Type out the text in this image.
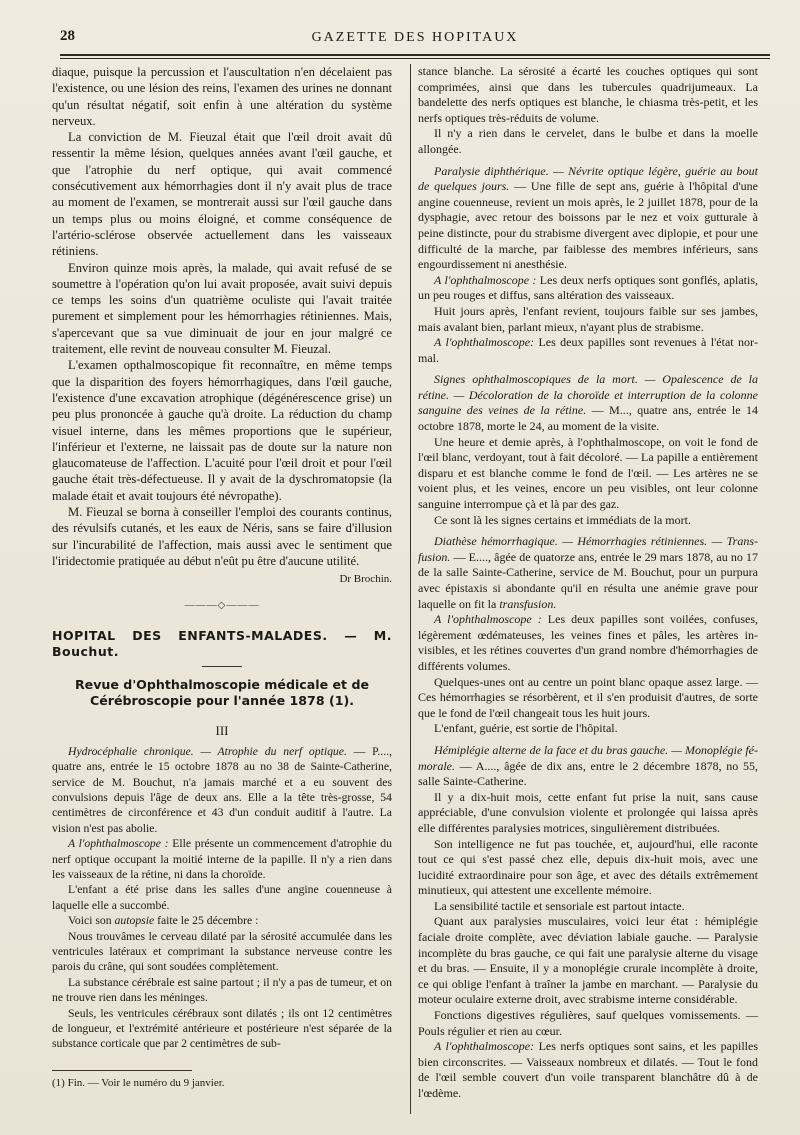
28	GAZETTE DES HOPITAUX

diaque, puisque la percussion et l'auscultation n'en décelaient pas l'existence, ou une lésion des reins, l'examen des urines ne donnant qu'un résultat négatif, soit enfin à une altération du système nerveux.

La conviction de M. Fieuzal était que l'œil droit avait dû ressentir la même lésion, quelques années avant l'œil gauche, et que l'atrophie du nerf optique, qui avait commencé consécutivement aux hémorrhagies dont il n'y avait plus de trace au moment de l'examen, se montrerait aussi sur l'œil gauche dans un temps plus ou moins éloigné, et comme conséquence de l'artério-sclérose observée actuellement dans les vaisseaux rétiniens.

Environ quinze mois après, la malade, qui avait refusé de se soumettre à l'opération qu'on lui avait proposée, avait suivi depuis ce temps les soins d'un quatrième oculiste qui l'avait traitée purement et simplement pour les hémorrhagies rétiniennes. Mais, s'apercevant que sa vue diminuait de jour en jour malgré ce traitement, elle revint de nouveau consulter M. Fieuzal.

L'examen opthalmoscopique fit reconnaître, en même temps que la disparition des foyers hémorrhagiques, dans l'œil gauche, l'existence d'une excavation atrophique (dégénérescence grise) un peu plus prononcée à gauche qu'à droite. La réduction du champ visuel interne, dans les mêmes proportions que le supérieur, l'inférieur et l'externe, ne laissait pas de doute sur la nature non glaucomateuse de l'affection. L'acuité pour l'œil droit et pour l'œil gauche était très-défectueuse. Il y avait de la dyschromatopsie (la malade était et avait toujours été névropathe).

M. Fieuzal se borna à conseiller l'emploi des courants continus, des révulsifs cutanés, et les eaux de Néris, sans se faire d'illusion sur l'incurabilité de l'affection, mais aussi avec le sentiment que l'iridectomie pratiquée au début n'eût pu être d'aucune utilité.

Dr Brochin.
———◇———

HOPITAL DES ENFANTS-MALADES. — M. Bouchut.

Revue d'Ophthalmoscopie médicale et de Cérébroscopie pour l'année 1878 (1).

III

Hydrocéphalie chronique. — Atrophie du nerf optique. — P...., quatre ans, entrée le 15 octobre 1878 au no 38 de Sainte-Catherine, service de M. Bouchut, n'a jamais marché et a eu souvent des convulsions depuis l'âge de deux ans. Elle a la tête très-grosse, 54 centimètres de circonférence et 43 d'un conduit auditif à l'autre. La vision n'est pas abolie.

A l'ophthalmoscope : Elle présente un commencement d'atrophie du nerf optique occupant la moitié interne de la papille. Il n'y a rien dans les vaisseaux de la rétine, ni dans la choroïde.

L'enfant a été prise dans les salles d'une angine couenneuse à laquelle elle a succombé.

Voici son autopsie faite le 25 décembre :

Nous trouvâmes le cerveau dilaté par la sérosité accumulée dans les ventricules latéraux et comprimant la substance nerveuse contre les parois du crâne, qui sont soudées complètement.

La substance cérébrale est saine partout ; il n'y a pas de tumeur, et on ne trouve rien dans les méninges.

Seuls, les ventricules cérébraux sont dilatés ; ils ont 12 centimètres de longueur, et l'extrémité antérieure et postérieure n'est séparée de la substance corticale que par 2 centimètres de sub-

(1) Fin. — Voir le numéro du 9 janvier.

stance blanche. La sérosité a écarté les couches optiques qui sont comprimées, ainsi que dans les tubercules quadrijumeaux. La bandelette des nerfs optiques est blanche, le chiasma très-petit, et les nerfs optiques très-réduits de volume.

Il n'y a rien dans le cervelet, dans le bulbe et dans la moelle allongée.

Paralysie diphthérique. — Névrite optique légère, guérie au bout de quelques jours. — Une fille de sept ans, guérie à l'hôpital d'une angine couenneuse, revient un mois après, le 2 juillet 1878, pour de la dysphagie, avec retour des boissons par le nez et voix gutturale à peine distincte, pour du strabisme divergent avec diplopie, et pour une difficulté de la marche, par faiblesse des membres inférieurs, sans engourdissement ni anesthésie.

A l'ophthalmoscope : Les deux nerfs optiques sont gonflés, aplatis, un peu rouges et diffus, sans altération des vaisseaux.

Huit jours après, l'enfant revient, toujours faible sur ses jambes, mais avalant bien, parlant mieux, n'ayant plus de strabisme.

A l'ophthalmoscope: Les deux papilles sont revenues à l'état normal.

Signes ophthalmoscopiques de la mort. — Opalescence de la rétine. — Décoloration de la choroïde et interruption de la colonne sanguine des veines de la rétine. — M..., quatre ans, entrée le 14 octobre 1878, morte le 24, au moment de la visite.

Une heure et demie après, à l'ophthalmoscope, on voit le fond de l'œil blanc, verdoyant, tout à fait décoloré. — La papille a entièrement disparu et est blanche comme le fond de l'œil. — Les artères ne se voient plus, et les veines, encore un peu visibles, ont leur colonne sanguine interrompue çà et là par des gaz.

Ce sont là les signes certains et immédiats de la mort.

Diathèse hémorrhagique. — Hémorrhagies rétiniennes. — Transfusion. — E...., âgée de quatorze ans, entrée le 29 mars 1878, au no 17 de la salle Sainte-Catherine, service de M. Bouchut, pour un purpura avec épistaxis si abondante qu'il en résulta une anémie grave pour laquelle on fit la transfusion.

A l'ophthalmoscope : Les deux papilles sont voilées, confuses, légèrement œdémateuses, les veines fines et pâles, les artères invisibles, et les rétines couvertes d'un grand nombre d'hémorrhagies de différents volumes.

Quelques-unes ont au centre un point blanc opaque assez large. — Ces hémorrhagies se résorbèrent, et il s'en produisit d'autres, de sorte que le fond de l'œil changeait tous les huit jours.

L'enfant, guérie, est sortie de l'hôpital.

Hémiplégie alterne de la face et du bras gauche. — Monoplégie fémorale. — A...., âgée de dix ans, entre le 2 décembre 1878, no 55, salle Sainte-Catherine.

Il y a dix-huit mois, cette enfant fut prise la nuit, sans cause appréciable, d'une convulsion violente et prolongée qui laissa après elle différentes paralysies motrices, singulièrement distribuées.

Son intelligence ne fut pas touchée, et, aujourd'hui, elle raconte tout ce qui s'est passé chez elle, depuis dix-huit mois, avec une lucidité extraordinaire pour son âge, et avec des détails extrêmement minutieux, qui attestent une excellente mémoire.

La sensibilité tactile et sensoriale est partout intacte.

Quant aux paralysies musculaires, voici leur état : hémiplégie faciale droite complète, avec déviation labiale gauche. — Paralysie incomplète du bras gauche, ce qui fait une paralysie alterne du visage et du bras. — Ensuite, il y a monoplégie crurale incomplète à droite, ce qui oblige l'enfant à traîner la jambe en marchant. — Paralysie du moteur oculaire externe droit, avec strabisme interne considérable.

Fonctions digestives régulières, sauf quelques vomissements. — Pouls régulier et rien au cœur.

A l'ophthalmoscope: Les nerfs optiques sont sains, et les papilles bien circonscrites. — Vaisseaux nombreux et dilatés. — Tout le fond de l'œil semble couvert d'un voile transparent blanchâtre dû à de l'œdème.
